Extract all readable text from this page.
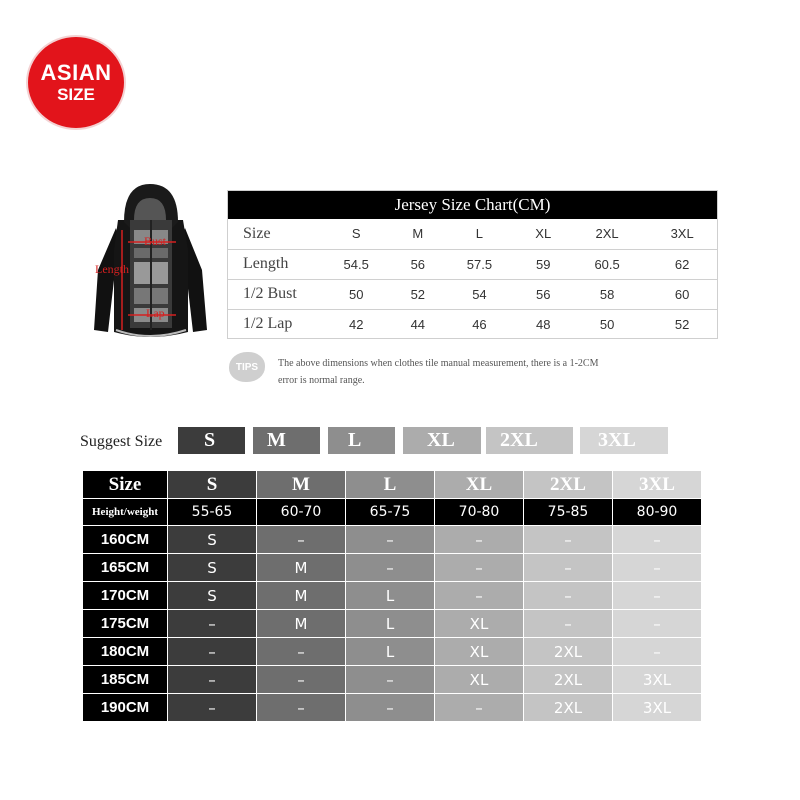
ASIAN
SIZE
Bust
Length
Lap
Jersey Size Chart(CM)						
Size	S	M	L	XL	2XL	3XL
Length	54.5	56	57.5	59	60.5	62
1/2 Bust	50	52	54	56	58	60
1/2 Lap	42	44	46	48	50	52
TIPS The above dimensions when clothes tile manual measurement, there is a 1-2CM
error is normal range.
Suggest Size	S	M	L	XL	2XL	3XL
Size	S	M	L	XL	2XL	3XL
Height/weight	55-65	60-70	65-75	70-80	75-85	80-90
160CM	S	–	–	–	–	–
165CM	S	M	–	–	–	–
170CM	S	M	L	–	–	–
175CM	–	M	L	XL	–	–
180CM	–	–	L	XL	2XL	–
185CM	–	–	–	XL	2XL	3XL
190CM	–	–	–	–	2XL	3XL
